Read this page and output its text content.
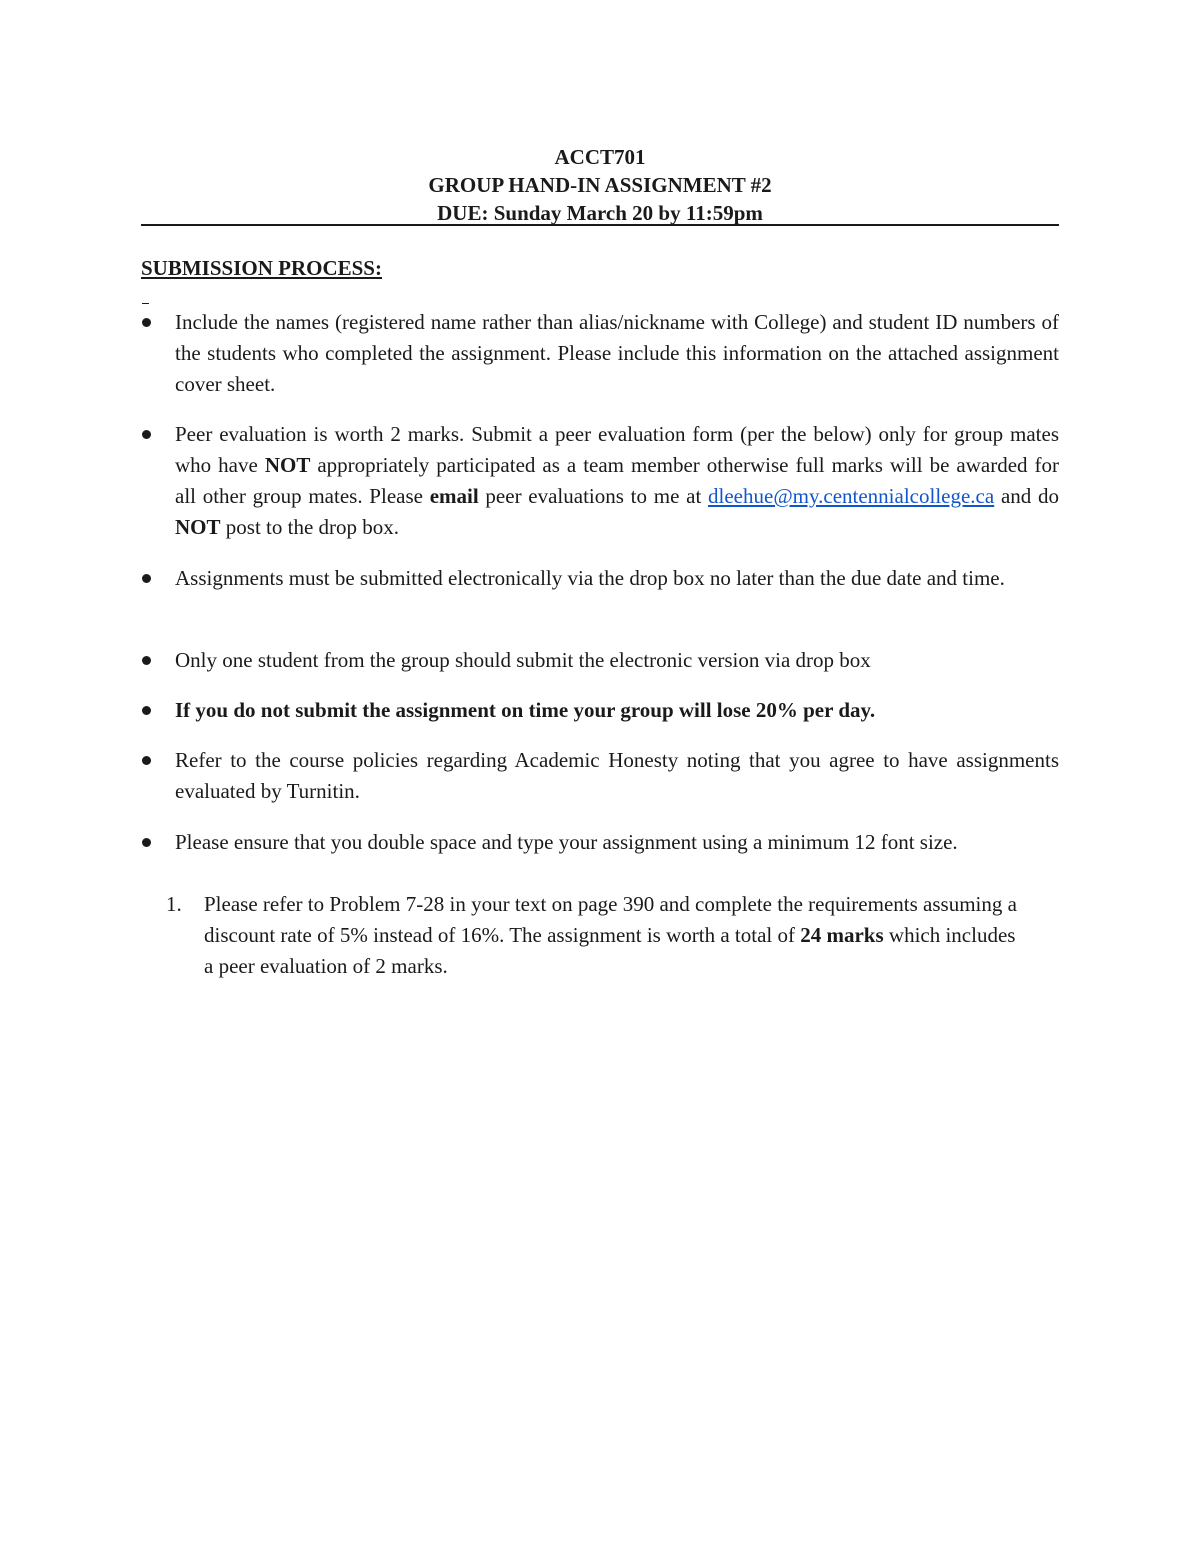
ACCT701
GROUP HAND-IN ASSIGNMENT #2
DUE: Sunday March 20 by 11:59pm
SUBMISSION PROCESS:
Include the names (registered name rather than alias/nickname with College) and student ID numbers of the students who completed the assignment. Please include this information on the attached assignment cover sheet.
Peer evaluation is worth 2 marks. Submit a peer evaluation form (per the below) only for group mates who have NOT appropriately participated as a team member otherwise full marks will be awarded for all other group mates. Please email peer evaluations to me at dleehue@my.centennialcollege.ca and do NOT post to the drop box.
Assignments must be submitted electronically via the drop box no later than the due date and time.
Only one student from the group should submit the electronic version via drop box
If you do not submit the assignment on time your group will lose 20% per day.
Refer to the course policies regarding Academic Honesty noting that you agree to have assignments evaluated by Turnitin.
Please ensure that you double space and type your assignment using a minimum 12 font size.
1. Please refer to Problem 7-28 in your text on page 390 and complete the requirements assuming a discount rate of 5% instead of 16%. The assignment is worth a total of 24 marks which includes a peer evaluation of 2 marks.
